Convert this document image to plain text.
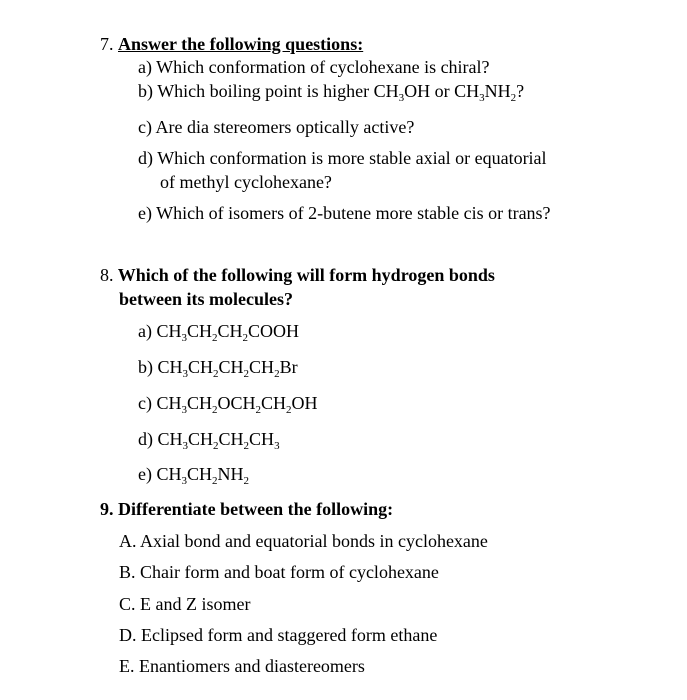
7. Answer the following questions:
a) Which conformation of cyclohexane is chiral?
b) Which boiling point is higher $CH_3OH$ or $CH_3NH_2$?
c) Are dia stereomers optically active?
d) Which conformation is more stable axial or equatorial
of methyl cyclohexane?
e) Which of isomers of 2-butene more stable cis or trans?
8. Which of the following will form hydrogen bonds
between its molecules?
a) $CH_3CH_2CH_2COOH$
b) $CH_3CH_2CH_2CH_2Br$
c) $CH_3CH_2OCH_2CH_2OH$
d) $CH_3CH_2CH_2CH_3$
e) $CH_3CH_2NH_2$
9. Differentiate between the following:
A. Axial bond and equatorial bonds in cyclohexane
B. Chair form and boat form of cyclohexane
C. E and Z isomer
D. Eclipsed form and staggered form ethane
E. Enantiomers and diastereomers
